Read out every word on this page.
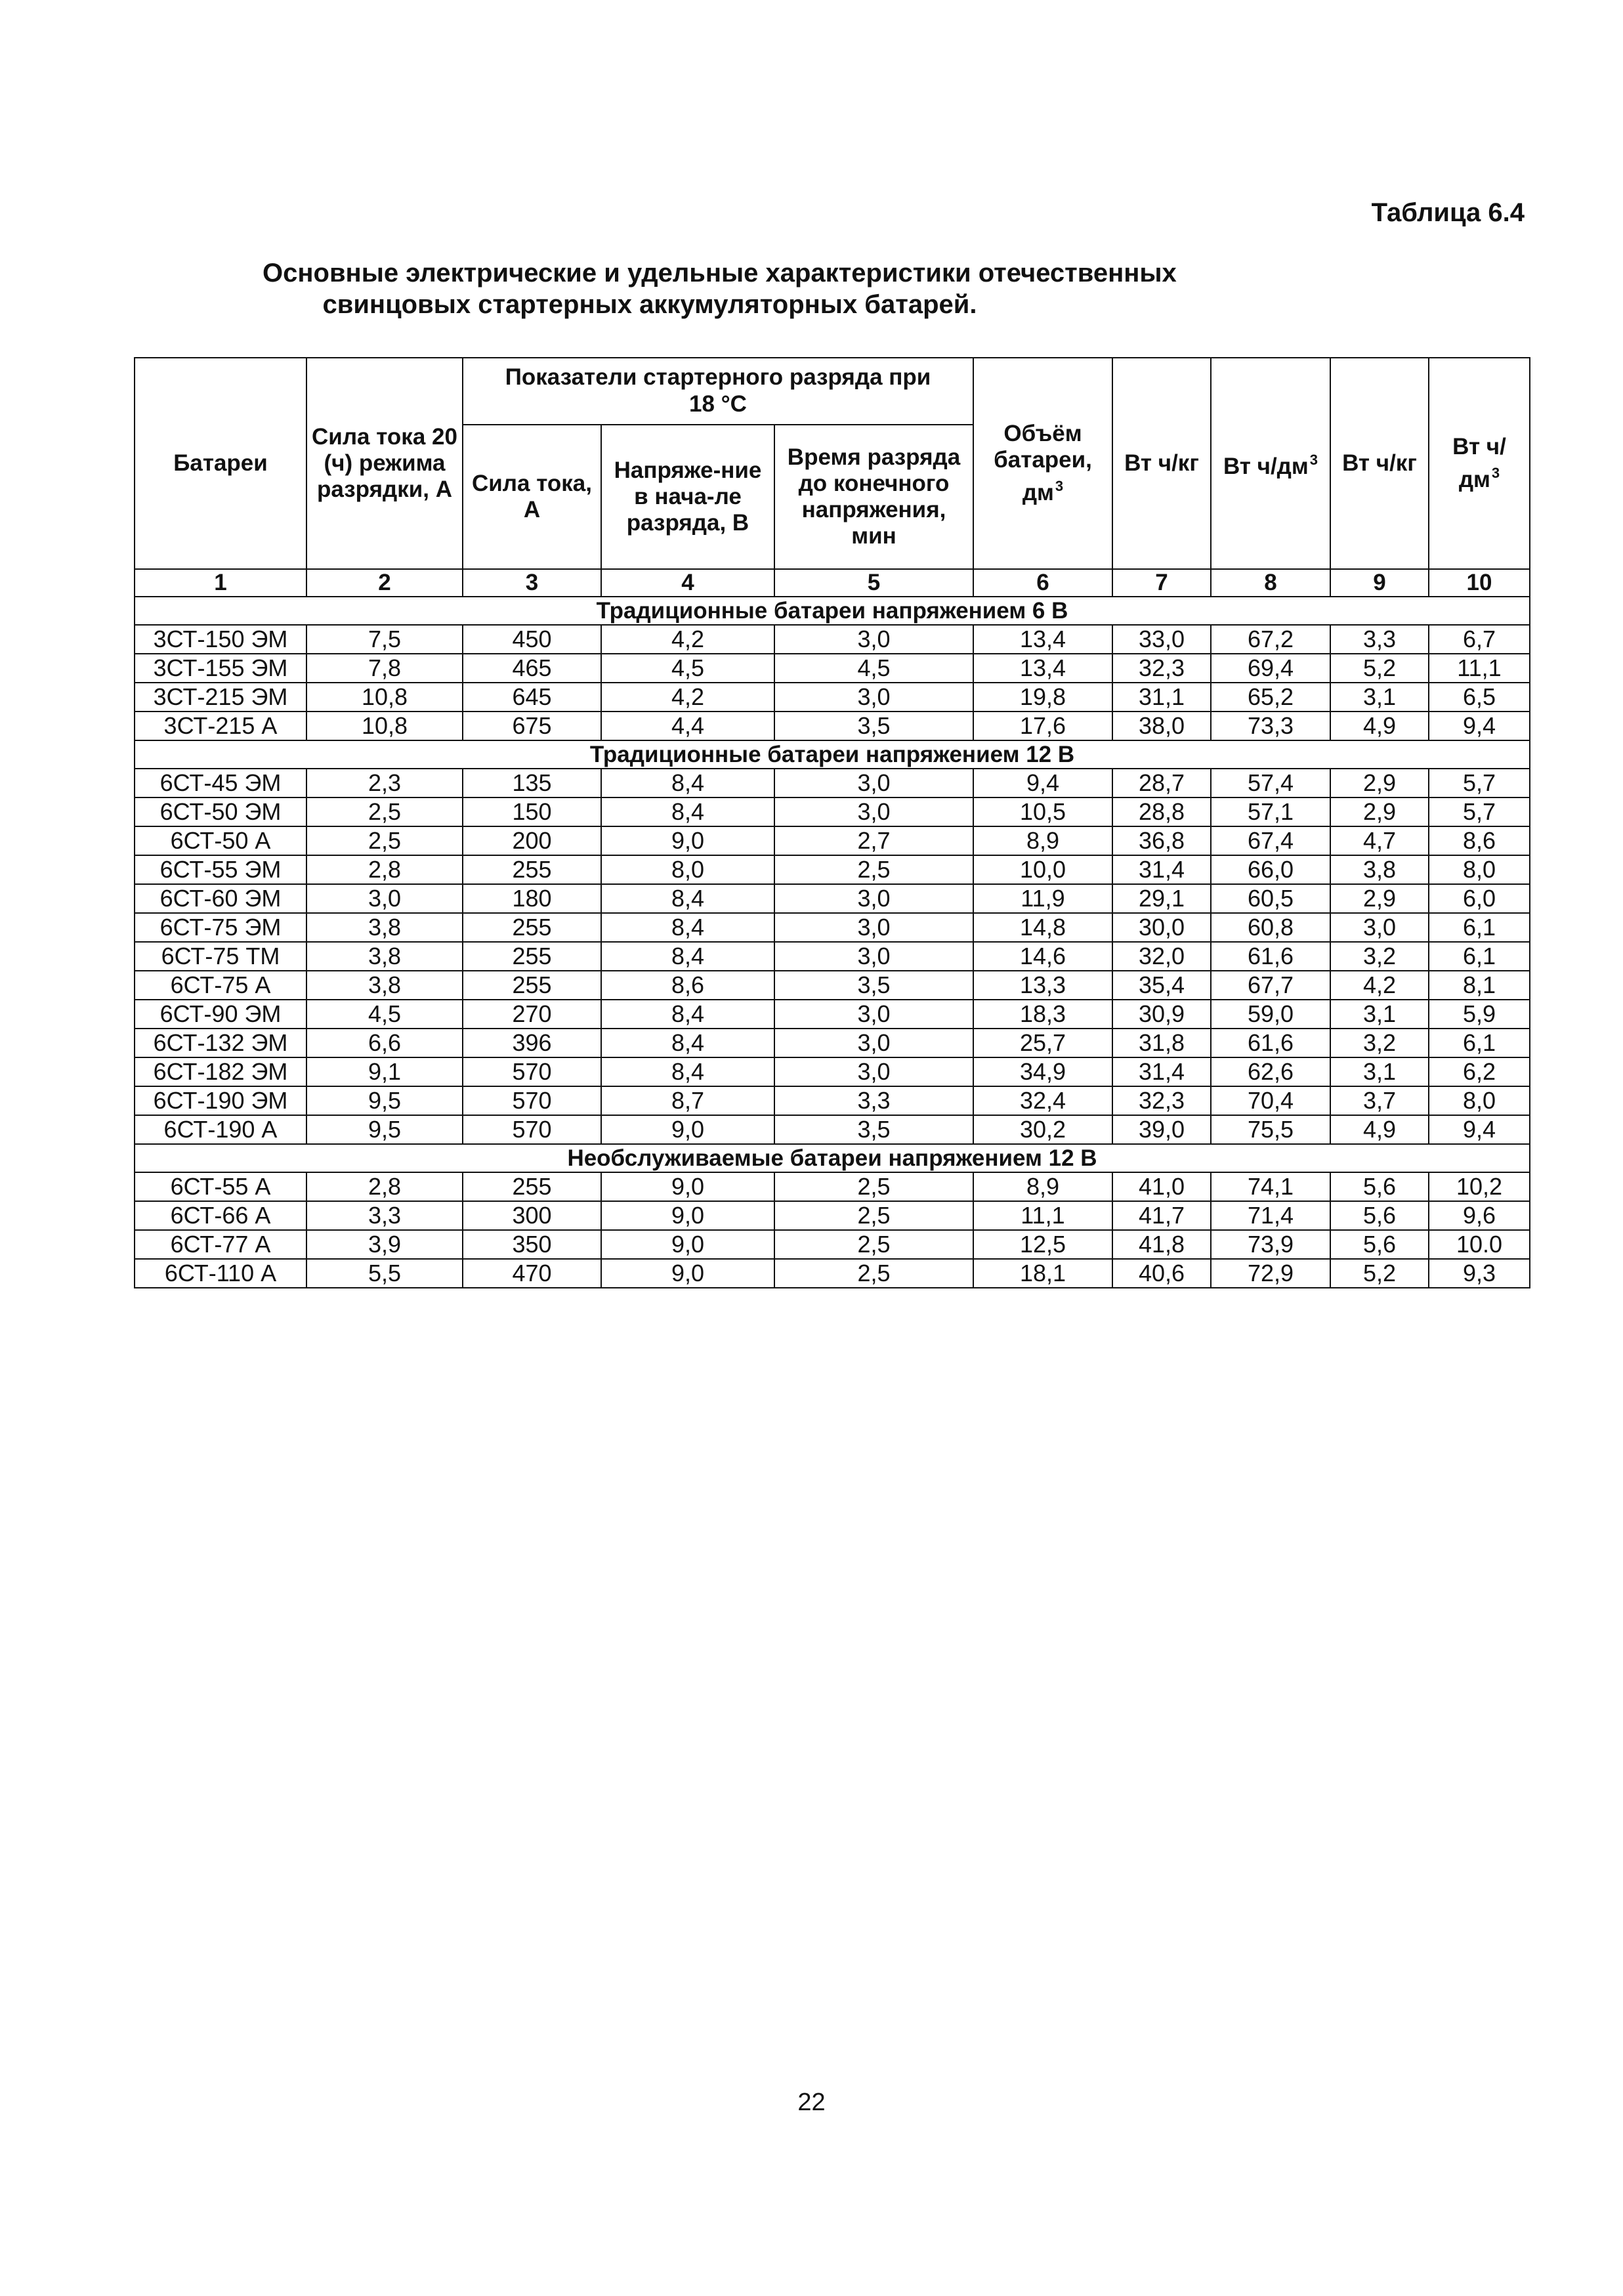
Таблица 6.4
Основные электрические и удельные характеристики отечественных
свинцовых стартерных аккумуляторных батарей.
Батареи	Сила тока 20 (ч) режима разрядки, А	Показатели стартерного разряда при
18 °С			Объём батареи, $дм^3$	Вт ч/кг	Вт $ч/дм^3$	Вт ч/кг	Вт $ч/дм^3$
		Сила тока, А	Напряже-ние в нача-ле разряда, В	Время разряда до конечного напряжения, мин					
1	2	3	4	5	6	7	8	9	10
Традиционные батареи напряжением 6 В									
3СТ-150 ЭМ	7,5	450	4,2	3,0	13,4	33,0	67,2	3,3	6,7
3СТ-155 ЭМ	7,8	465	4,5	4,5	13,4	32,3	69,4	5,2	11,1
3СТ-215 ЭМ	10,8	645	4,2	3,0	19,8	31,1	65,2	3,1	6,5
3СТ-215 А	10,8	675	4,4	3,5	17,6	38,0	73,3	4,9	9,4
Традиционные батареи напряжением 12 В									
6СТ-45 ЭМ	2,3	135	8,4	3,0	9,4	28,7	57,4	2,9	5,7
6СТ-50 ЭМ	2,5	150	8,4	3,0	10,5	28,8	57,1	2,9	5,7
6СТ-50 А	2,5	200	9,0	2,7	8,9	36,8	67,4	4,7	8,6
6СТ-55 ЭМ	2,8	255	8,0	2,5	10,0	31,4	66,0	3,8	8,0
6СТ-60 ЭМ	3,0	180	8,4	3,0	11,9	29,1	60,5	2,9	6,0
6СТ-75 ЭМ	3,8	255	8,4	3,0	14,8	30,0	60,8	3,0	6,1
6СТ-75 ТМ	3,8	255	8,4	3,0	14,6	32,0	61,6	3,2	6,1
6СТ-75 А	3,8	255	8,6	3,5	13,3	35,4	67,7	4,2	8,1
6СТ-90 ЭМ	4,5	270	8,4	3,0	18,3	30,9	59,0	3,1	5,9
6СТ-132 ЭМ	6,6	396	8,4	3,0	25,7	31,8	61,6	3,2	6,1
6СТ-182 ЭМ	9,1	570	8,4	3,0	34,9	31,4	62,6	3,1	6,2
6СТ-190 ЭМ	9,5	570	8,7	3,3	32,4	32,3	70,4	3,7	8,0
6СТ-190 А	9,5	570	9,0	3,5	30,2	39,0	75,5	4,9	9,4
Необслуживаемые батареи напряжением 12 В									
6СТ-55 А	2,8	255	9,0	2,5	8,9	41,0	74,1	5,6	10,2
6СТ-66 А	3,3	300	9,0	2,5	11,1	41,7	71,4	5,6	9,6
6СТ-77 А	3,9	350	9,0	2,5	12,5	41,8	73,9	5,6	10.0
6СТ-110 А	5,5	470	9,0	2,5	18,1	40,6	72,9	5,2	9,3
22
